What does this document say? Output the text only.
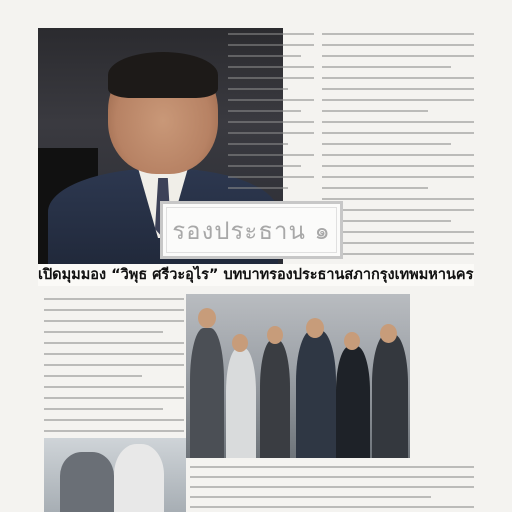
รองประธาน ๑
เปิดมุมมอง “วิพุธ ศรีวะอุไร” บทบาทรองประธานสภากรุงเทพมหานคร
